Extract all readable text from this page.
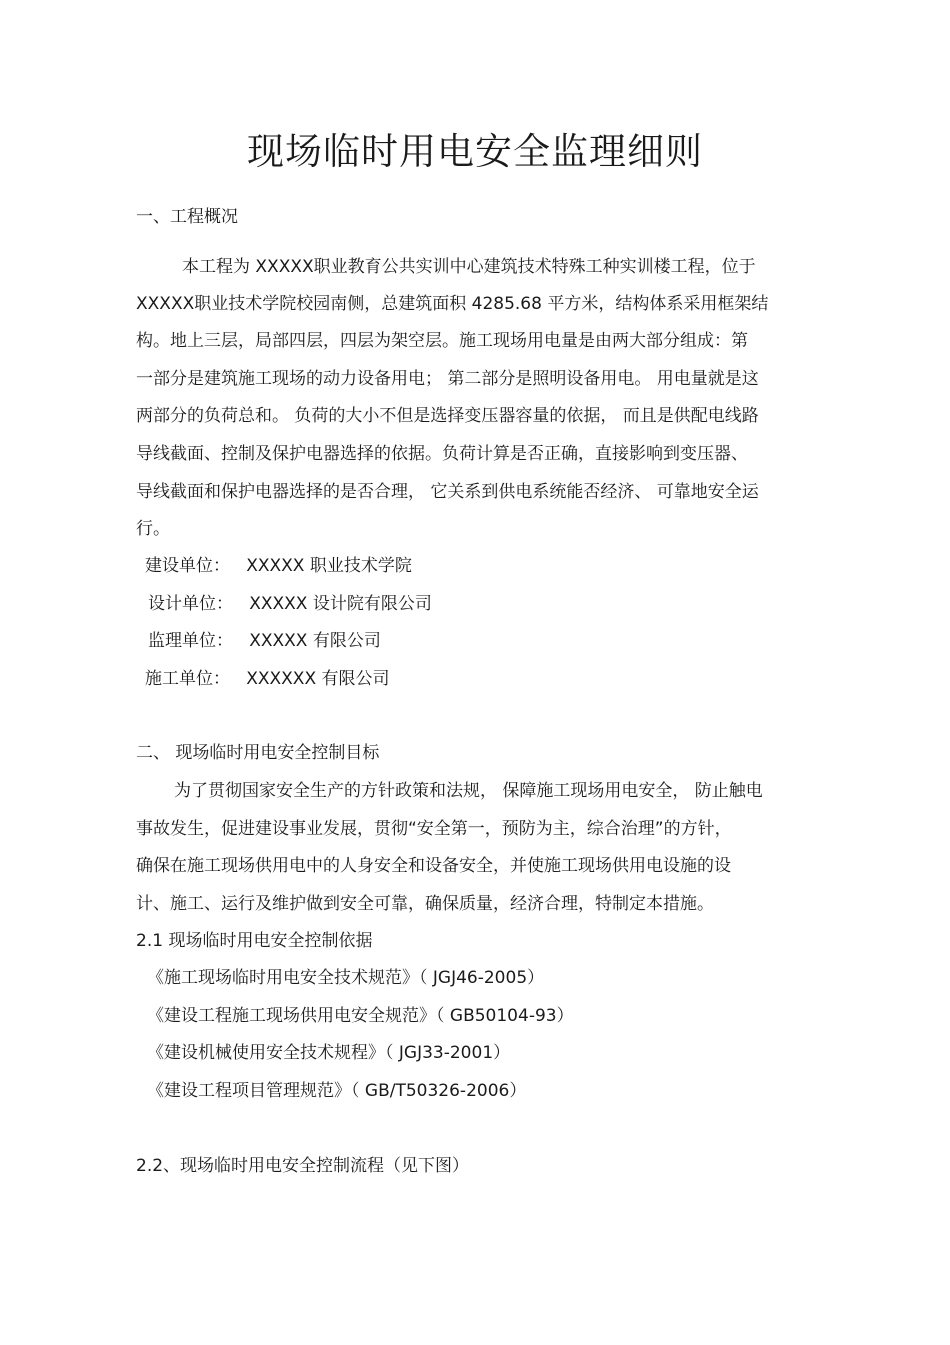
现场临时用电安全监理细则
一、工程概况
本工程为 XXXXX职业教育公共实训中心建筑技术特殊工种实训楼工程，位于
XXXXX职业技术学院校园南侧，总建筑面积 4285.68 平方米，结构体系采用框架结
构。地上三层，局部四层，四层为架空层。施工现场用电量是由两大部分组成：第
一部分是建筑施工现场的动力设备用电； 第二部分是照明设备用电。 用电量就是这
两部分的负荷总和。 负荷的大小不但是选择变压器容量的依据， 而且是供配电线路
导线截面、控制及保护电器选择的依据。负荷计算是否正确，直接影响到变压器、
导线截面和保护电器选择的是否合理， 它关系到供电系统能否经济、 可靠地安全运
行。
建设单位： XXXXX 职业技术学院
设计单位： XXXXX 设计院有限公司
监理单位： XXXXX 有限公司
施工单位： XXXXXX 有限公司
二、 现场临时用电安全控制目标
为了贯彻国家安全生产的方针政策和法规， 保障施工现场用电安全， 防止触电
事故发生，促进建设事业发展，贯彻“安全第一，预防为主，综合治理”的方针，
确保在施工现场供用电中的人身安全和设备安全，并使施工现场供用电设施的设
计、施工、运行及维护做到安全可靠，确保质量，经济合理，特制定本措施。
2.1 现场临时用电安全控制依据
《施工现场临时用电安全技术规范》（ JGJ46-2005）
《建设工程施工现场供用电安全规范》（ GB50104-93）
《建设机械使用安全技术规程》（ JGJ33-2001）
《建设工程项目管理规范》（ GB/T50326-2006）
2.2、现场临时用电安全控制流程（见下图）
